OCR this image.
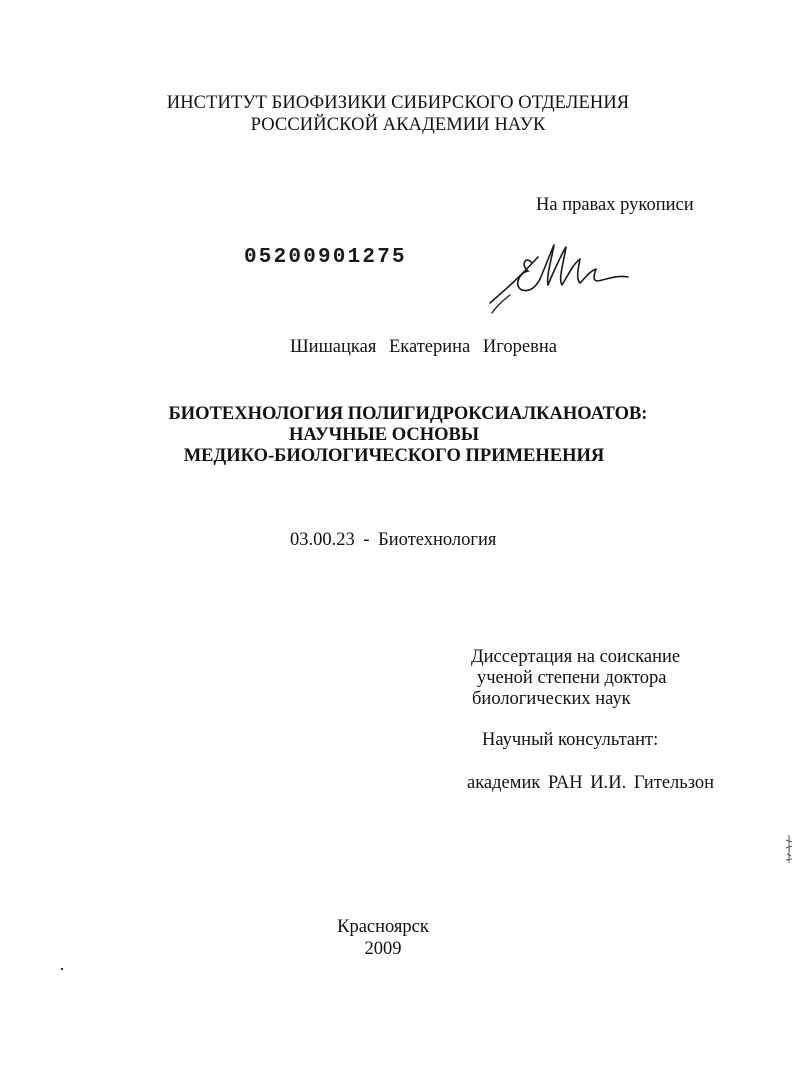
ИНСТИТУТ БИОФИЗИКИ СИБИРСКОГО ОТДЕЛЕНИЯ
РОССИЙСКОЙ АКАДЕМИИ НАУК
На правах рукописи
05200901275
Шишацкая Екатерина Игоревна
БИОТЕХНОЛОГИЯ ПОЛИГИДРОКСИАЛКАНОАТОВ:
НАУЧНЫЕ ОСНОВЫ
МЕДИКО-БИОЛОГИЧЕСКОГО ПРИМЕНЕНИЯ
03.00.23 - Биотехнология
Диссертация на соискание
ученой степени доктора
биологических наук
Научный консультант:
академик РАН И.И. Гительзон
Красноярск
2009
